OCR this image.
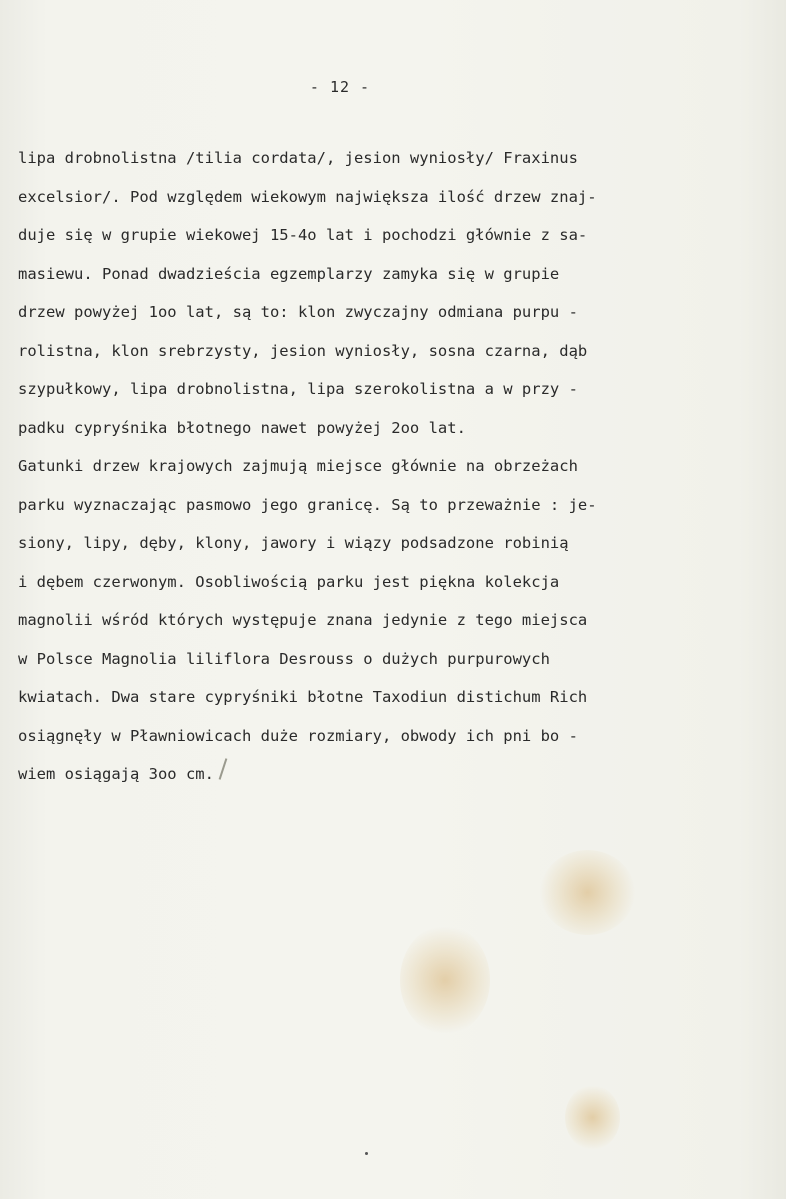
- 12 -
lipa drobnolistna /tilia cordata/, jesion wyniosły/ Fraxinus
excelsior/. Pod względem wiekowym największa ilość drzew znaj-
duje się w grupie wiekowej 15-4o lat i pochodzi głównie z sa-
masiewu. Ponad dwadzieścia egzemplarzy zamyka się w grupie
drzew powyżej 1oo lat, są to: klon zwyczajny odmiana purpu -
rolistna, klon srebrzysty, jesion wyniosły, sosna czarna, dąb
szypułkowy, lipa drobnolistna, lipa szerokolistna a w przy -
padku cypryśnika błotnego nawet powyżej 2oo lat.
Gatunki drzew krajowych zajmują miejsce głównie na obrzeżach
parku wyznaczając pasmowo jego granicę. Są to przeważnie : je-
siony, lipy, dęby, klony, jawory i wiązy podsadzone robinią
i dębem czerwonym. Osobliwością parku jest piękna kolekcja
magnolii wśród których występuje znana jedynie z tego miejsca
w Polsce Magnolia liliflora Desrouss o dużych purpurowych
kwiatach. Dwa stare cypryśniki błotne Taxodiun distichum Rich
osiągnęły w Pławniowicach duże rozmiary, obwody ich pni bo -
wiem osiągają 3oo cm.
